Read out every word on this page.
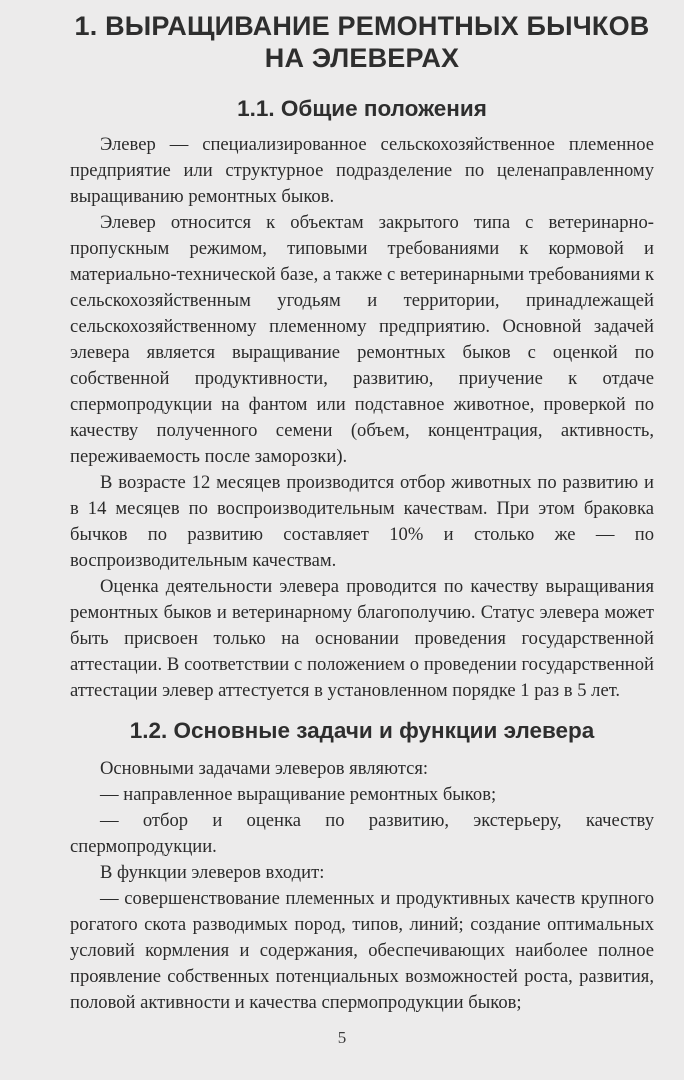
1. ВЫРАЩИВАНИЕ РЕМОНТНЫХ БЫЧКОВ НА ЭЛЕВЕРАХ
1.1. Общие положения

Элевер — специализированное сельскохозяйственное племенное предприятие или структурное подразделение по целенаправленному выращиванию ремонтных быков.

Элевер относится к объектам закрытого типа с ветеринарно-пропускным режимом, типовыми требованиями к кормовой и материально-технической базе, а также с ветеринарными требованиями к сельскохозяйственным угодьям и территории, принадлежащей сельскохозяйственному племенному предприятию. Основной задачей элевера является выращивание ремонтных быков с оценкой по собственной продуктивности, развитию, приучение к отдаче спермопродукции на фантом или подставное животное, проверкой по качеству полученного семени (объем, концентрация, активность, переживаемость после заморозки).

В возрасте 12 месяцев производится отбор животных по развитию и в 14 месяцев по воспроизводительным качествам. При этом браковка бычков по развитию составляет 10% и столько же — по воспроизводительным качествам.

Оценка деятельности элевера проводится по качеству выращивания ремонтных быков и ветеринарному благополучию. Статус элевера может быть присвоен только на основании проведения государственной аттестации. В соответствии с положением о проведении государственной аттестации элевер аттестуется в установленном порядке 1 раз в 5 лет.

1.2. Основные задачи и функции элевера

Основными задачами элеверов являются:

— направленное выращивание ремонтных быков;

— отбор и оценка по развитию, экстерьеру, качеству спермопродукции.

В функции элеверов входит:

— совершенствование племенных и продуктивных качеств крупного рогатого скота разводимых пород, типов, линий; создание оптимальных условий кормления и содержания, обеспечивающих наиболее полное проявление собственных потенциальных возможностей роста, развития, половой активности и качества спермопродукции быков;

5
